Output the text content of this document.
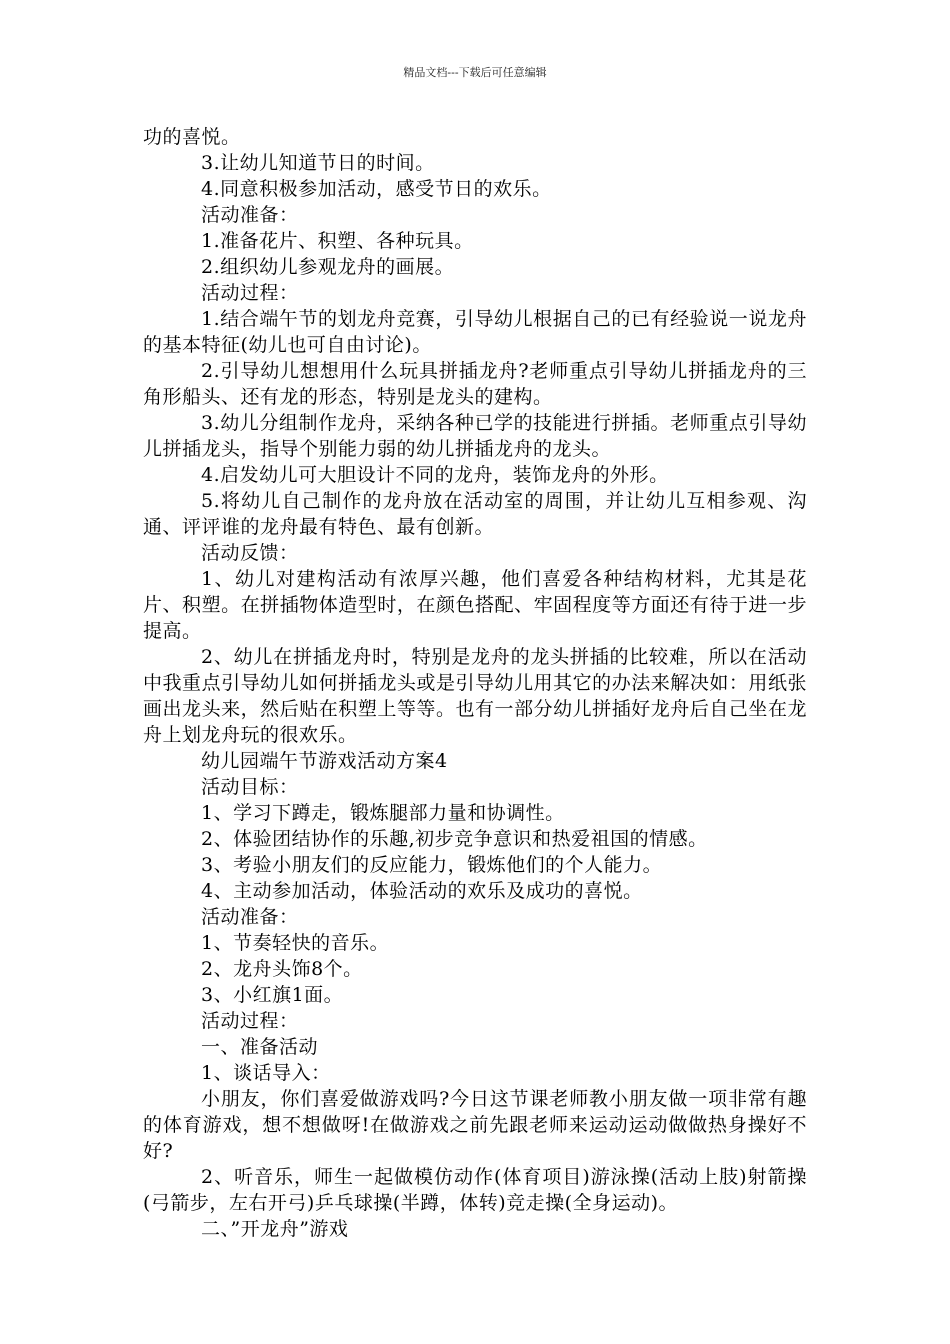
精品文档---下载后可任意编辑

功的喜悦。

3.让幼儿知道节日的时间。

4.同意积极参加活动，感受节日的欢乐。

活动准备：

1.准备花片、积塑、各种玩具。

2.组织幼儿参观龙舟的画展。

活动过程：

1.结合端午节的划龙舟竞赛，引导幼儿根据自己的已有经验说一说龙舟的基本特征(幼儿也可自由讨论)。

2.引导幼儿想想用什么玩具拼插龙舟?老师重点引导幼儿拼插龙舟的三角形船头、还有龙的形态，特别是龙头的建构。

3.幼儿分组制作龙舟，采纳各种已学的技能进行拼插。老师重点引导幼儿拼插龙头，指导个别能力弱的幼儿拼插龙舟的龙头。

4.启发幼儿可大胆设计不同的龙舟，装饰龙舟的外形。

5.将幼儿自己制作的龙舟放在活动室的周围，并让幼儿互相参观、沟通、评评谁的龙舟最有特色、最有创新。

活动反馈：

1、幼儿对建构活动有浓厚兴趣，他们喜爱各种结构材料，尤其是花片、积塑。在拼插物体造型时，在颜色搭配、牢固程度等方面还有待于进一步提高。

2、幼儿在拼插龙舟时，特别是龙舟的龙头拼插的比较难，所以在活动中我重点引导幼儿如何拼插龙头或是引导幼儿用其它的办法来解决如：用纸张画出龙头来，然后贴在积塑上等等。也有一部分幼儿拼插好龙舟后自己坐在龙舟上划龙舟玩的很欢乐。

幼儿园端午节游戏活动方案4

活动目标：

1、学习下蹲走，锻炼腿部力量和协调性。

2、体验团结协作的乐趣,初步竞争意识和热爱祖国的情感。

3、考验小朋友们的反应能力，锻炼他们的个人能力。

4、主动参加活动，体验活动的欢乐及成功的喜悦。

活动准备：

1、节奏轻快的音乐。

2、龙舟头饰8个。

3、小红旗1面。

活动过程：

一、准备活动

1、谈话导入：

小朋友，你们喜爱做游戏吗?今日这节课老师教小朋友做一项非常有趣的体育游戏，想不想做呀!在做游戏之前先跟老师来运动运动做做热身操好不好?

2、听音乐，师生一起做模仿动作(体育项目)游泳操(活动上肢)射箭操(弓箭步，左右开弓)乒乓球操(半蹲，体转)竞走操(全身运动)。

二、”开龙舟”游戏
